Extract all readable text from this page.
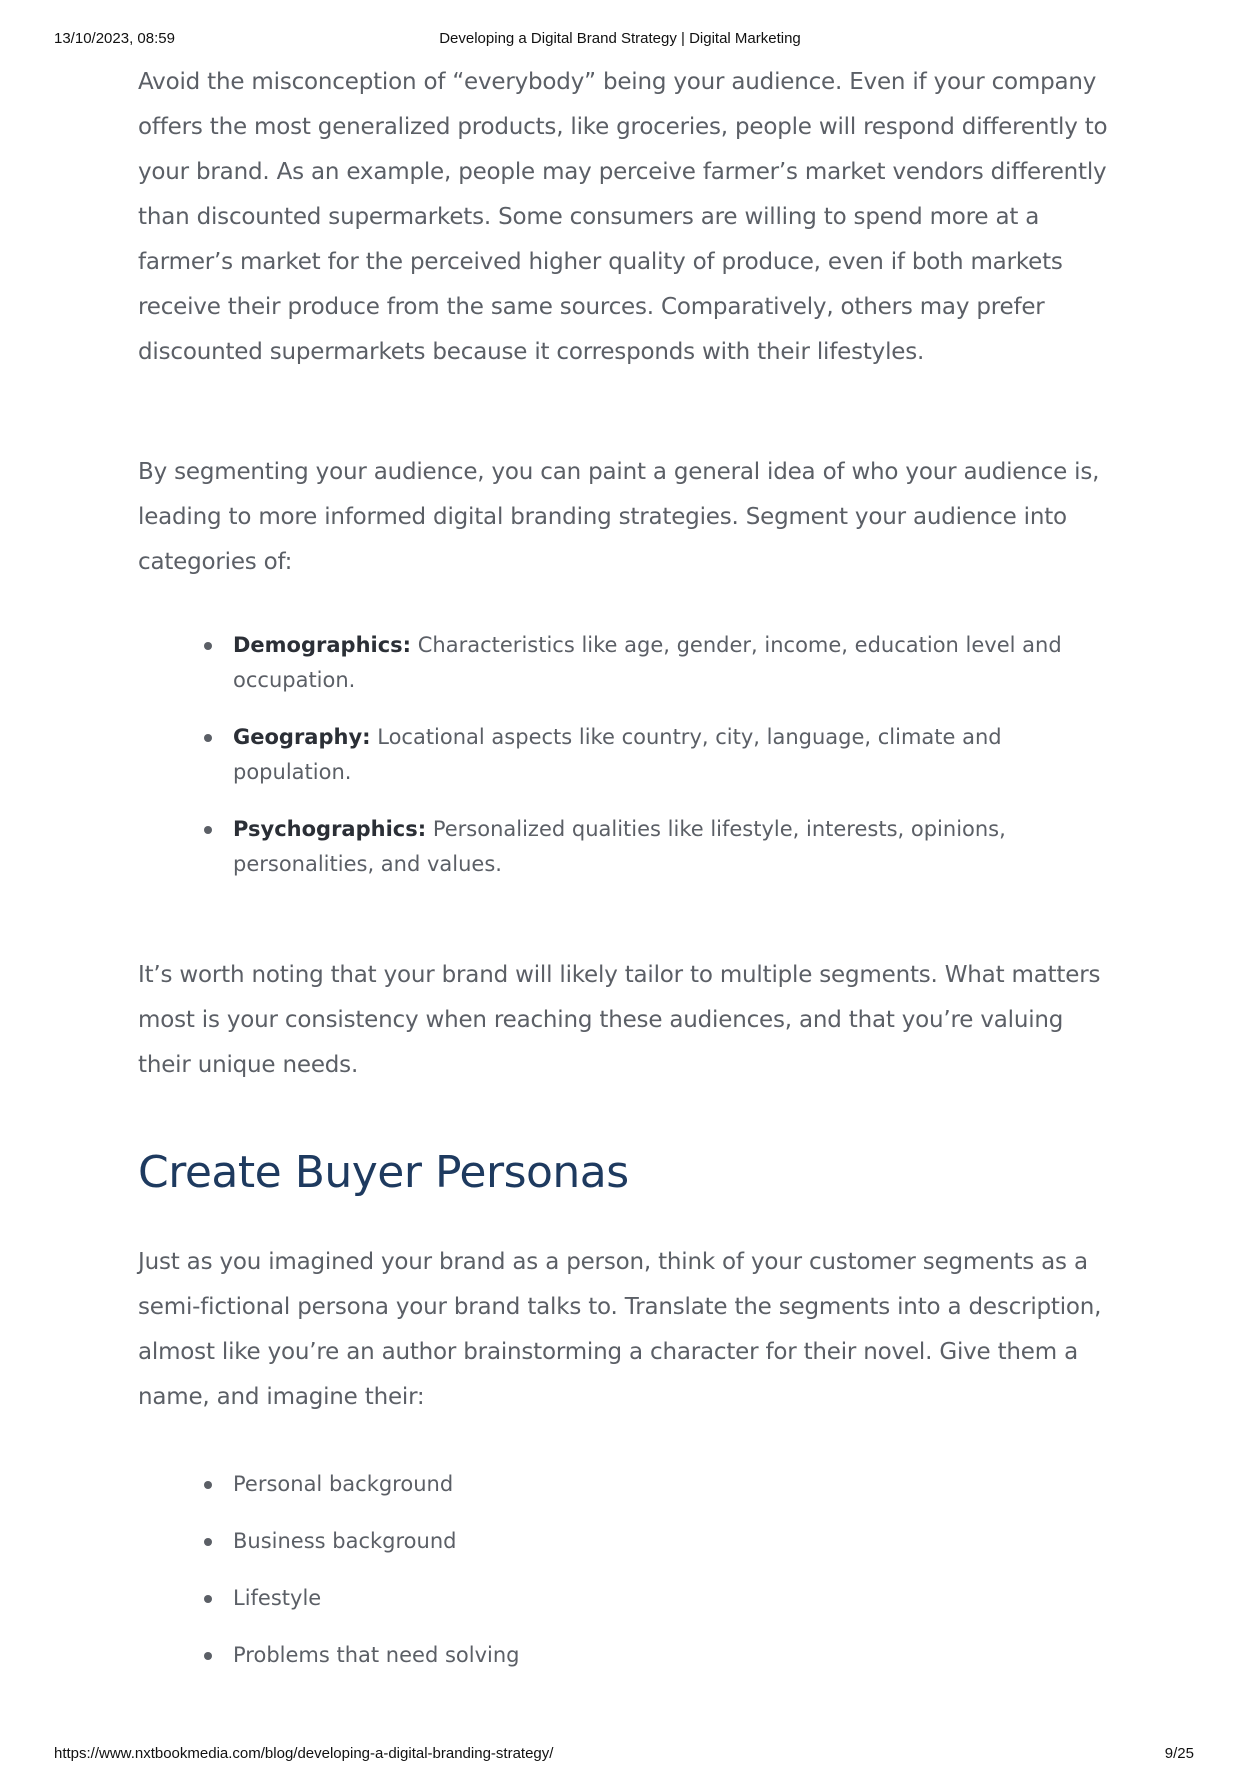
13/10/2023, 08:59	Developing a Digital Brand Strategy | Digital Marketing

Avoid the misconception of “everybody” being your audience. Even if your company offers the most generalized products, like groceries, people will respond differently to your brand. As an example, people may perceive farmer’s market vendors differently than discounted supermarkets. Some consumers are willing to spend more at a farmer’s market for the perceived higher quality of produce, even if both markets receive their produce from the same sources. Comparatively, others may prefer discounted supermarkets because it corresponds with their lifestyles.

By segmenting your audience, you can paint a general idea of who your audience is, leading to more informed digital branding strategies. Segment your audience into categories of:

Demographics: Characteristics like age, gender, income, education level and occupation.
Geography: Locational aspects like country, city, language, climate and population.
Psychographics: Personalized qualities like lifestyle, interests, opinions, personalities, and values.

It’s worth noting that your brand will likely tailor to multiple segments. What matters most is your consistency when reaching these audiences, and that you’re valuing their unique needs.

Create Buyer Personas

Just as you imagined your brand as a person, think of your customer segments as a semi-fictional persona your brand talks to. Translate the segments into a description, almost like you’re an author brainstorming a character for their novel. Give them a name, and imagine their:

Personal background
Business background
Lifestyle
Problems that need solving
https://www.nxtbookmedia.com/blog/developing-a-digital-branding-strategy/	9/25
